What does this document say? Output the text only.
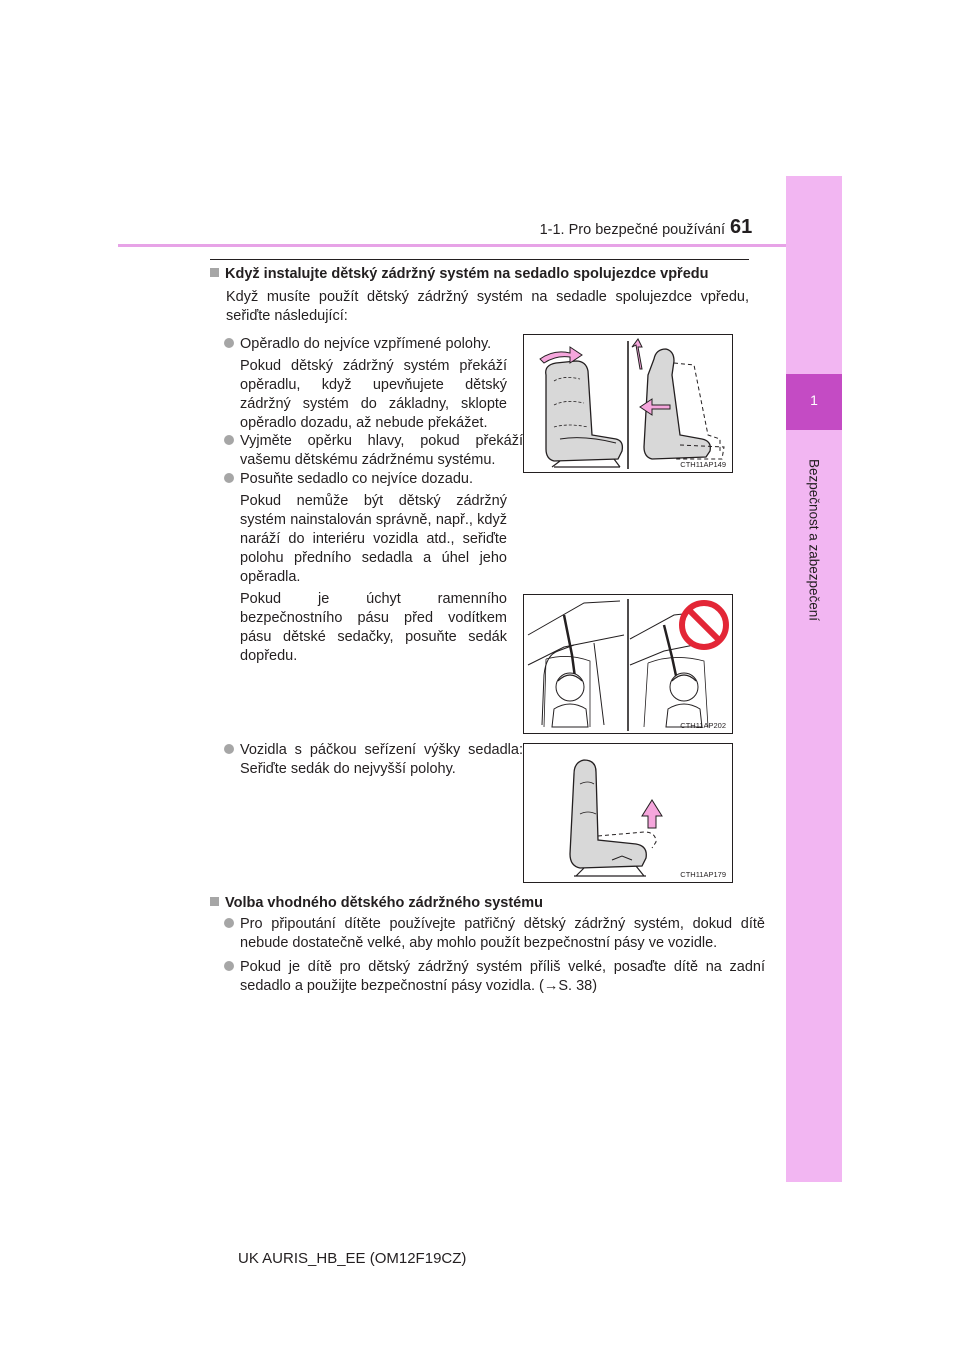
1-1. Pro bezpečné používání 61
1
Bezpečnost a zabezpečení
Když instalujte dětský zádržný systém na sedadlo spolujezdce vpředu
Když musíte použít dětský zádržný systém na sedadle spolujezdce vpředu, seřiďte následující:
Opěradlo do nejvíce vzpřímené polohy.
Pokud dětský zádržný systém překáží opěradlu, když upevňujete dětský zádržný systém do základny, sklopte opěradlo dozadu, až nebude překážet.
Vyjměte opěrku hlavy, pokud překáží vašemu dětskému zádržnému systému.
Posuňte sedadlo co nejvíce dozadu.
Pokud nemůže být dětský zádržný systém nainstalován správně, např., když naráží do interiéru vozidla atd., seřiďte polohu předního sedadla a úhel jeho opěradla.
Pokud je úchyt ramenního bezpečnostního pásu před vodítkem pásu dětské sedačky, posuňte sedák dopředu.
Vozidla s páčkou seřízení výšky sedadla: Seřiďte sedák do nejvyšší polohy.
CTH11AP149
CTH11AP202
CTH11AP179
Volba vhodného dětského zádržného systému
Pro připoutání dítěte používejte patřičný dětský zádržný systém, dokud dítě nebude dostatečně velké, aby mohlo použít bezpečnostní pásy ve vozidle.
Pokud je dítě pro dětský zádržný systém příliš velké, posaďte dítě na zadní sedadlo a použijte bezpečnostní pásy vozidla. (→S. 38)
UK AURIS_HB_EE (OM12F19CZ)
